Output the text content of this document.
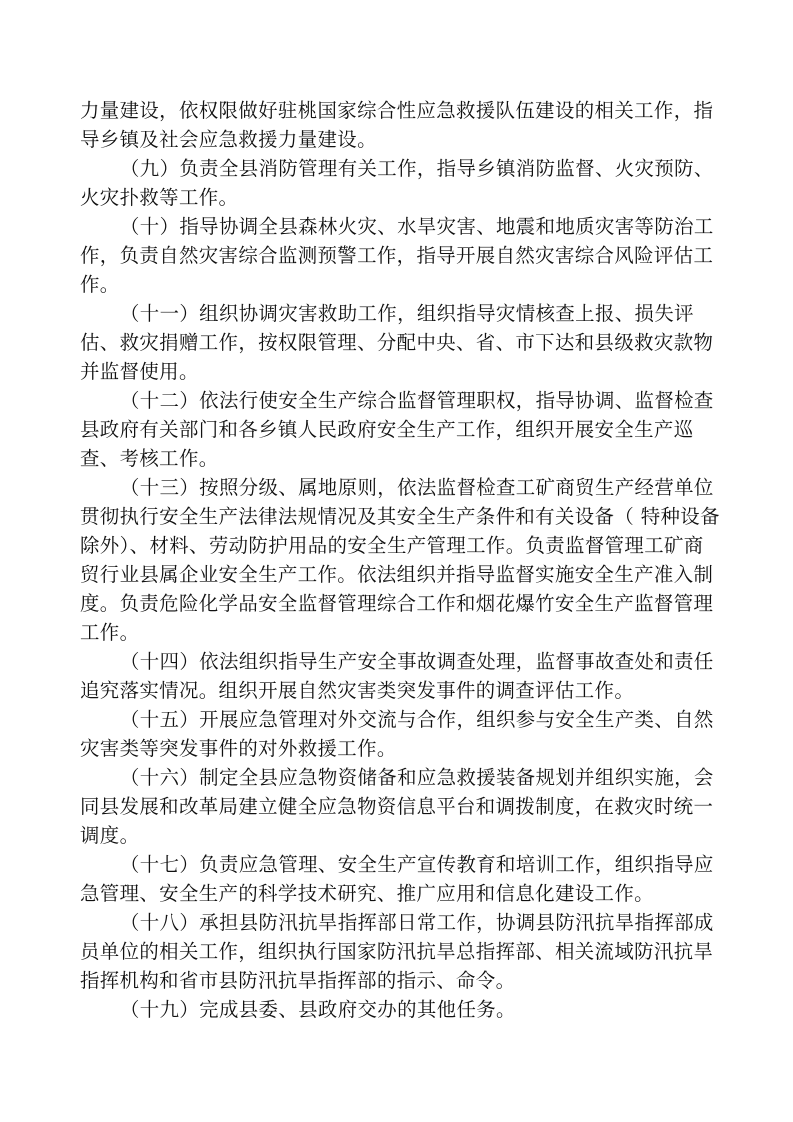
力量建设，依权限做好驻桃国家综合性应急救援队伍建设的相关工作，指导乡镇及社会应急救援力量建设。

（九）负责全县消防管理有关工作，指导乡镇消防监督、火灾预防、火灾扑救等工作。

（十）指导协调全县森林火灾、水旱灾害、地震和地质灾害等防治工作，负责自然灾害综合监测预警工作，指导开展自然灾害综合风险评估工作。

（十一）组织协调灾害救助工作，组织指导灾情核查上报、损失评估、救灾捐赠工作，按权限管理、分配中央、省、市下达和县级救灾款物并监督使用。

（十二）依法行使安全生产综合监督管理职权，指导协调、监督检查县政府有关部门和各乡镇人民政府安全生产工作，组织开展安全生产巡查、考核工作。

（十三）按照分级、属地原则，依法监督检查工矿商贸生产经营单位贯彻执行安全生产法律法规情况及其安全生产条件和有关设备（ 特种设备除外）、材料、劳动防护用品的安全生产管理工作。负责监督管理工矿商贸行业县属企业安全生产工作。依法组织并指导监督实施安全生产准入制度。负责危险化学品安全监督管理综合工作和烟花爆竹安全生产监督管理工作。

（十四）依法组织指导生产安全事故调查处理，监督事故查处和责任追究落实情况。组织开展自然灾害类突发事件的调查评估工作。

（十五）开展应急管理对外交流与合作，组织参与安全生产类、自然灾害类等突发事件的对外救援工作。

（十六）制定全县应急物资储备和应急救援装备规划并组织实施，会同县发展和改革局建立健全应急物资信息平台和调拨制度，在救灾时统一调度。

（十七）负责应急管理、安全生产宣传教育和培训工作，组织指导应急管理、安全生产的科学技术研究、推广应用和信息化建设工作。

（十八）承担县防汛抗旱指挥部日常工作，协调县防汛抗旱指挥部成员单位的相关工作，组织执行国家防汛抗旱总指挥部、相关流域防汛抗旱指挥机构和省市县防汛抗旱指挥部的指示、命令。

（十九）完成县委、县政府交办的其他任务。
